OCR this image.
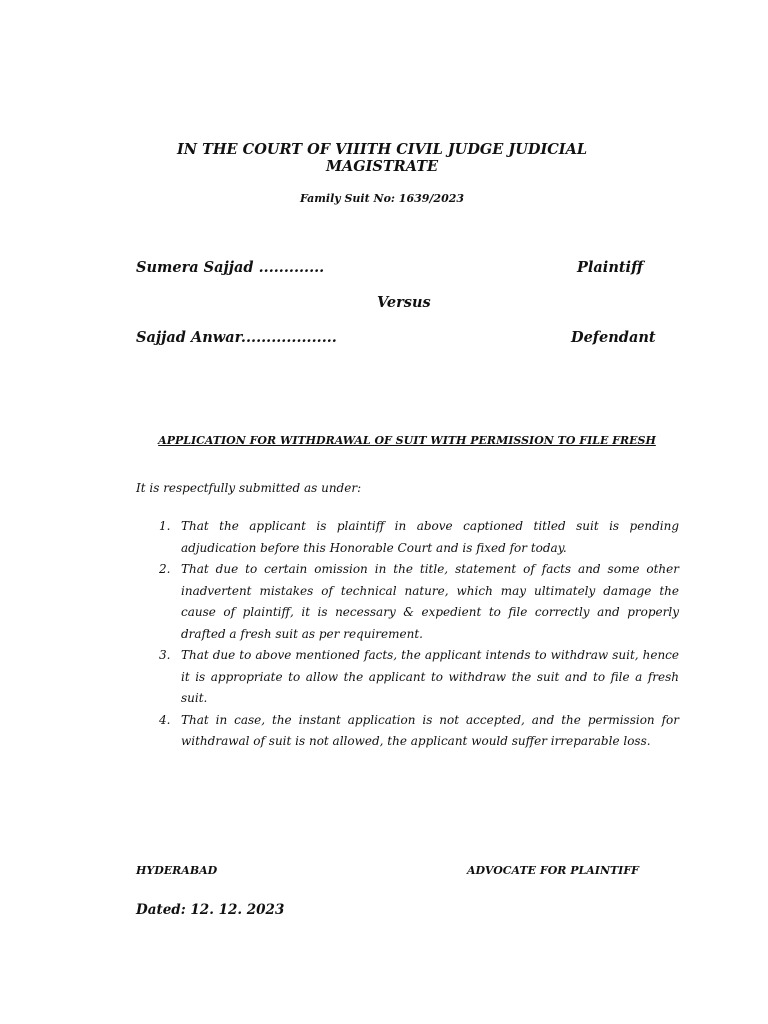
IN THE COURT OF VIIITH CIVIL JUDGE JUDICIAL MAGISTRATE

Family Suit No: 1639/2023

Sumera Sajjad .............	Plaintiff

Versus

Sajjad Anwar...................	Defendant

APPLICATION FOR WITHDRAWAL OF SUIT WITH PERMISSION TO FILE FRESH

It is respectfully submitted as under:

1. That the applicant is plaintiff in above captioned titled suit is pending adjudication before this Honorable Court and is fixed for today.
2. That due to certain omission in the title, statement of facts and some other inadvertent mistakes of technical nature, which may ultimately damage the cause of plaintiff, it is necessary & expedient to file correctly and properly drafted a fresh suit as per requirement.
3. That due to above mentioned facts, the applicant intends to withdraw suit, hence it is appropriate to allow the applicant to withdraw the suit and to file a fresh suit.
4. That in case, the instant application is not accepted, and the permission for withdrawal of suit is not allowed, the applicant would suffer irreparable loss.

HYDERABAD	ADVOCATE FOR PLAINTIFF

Dated: 12. 12. 2023
